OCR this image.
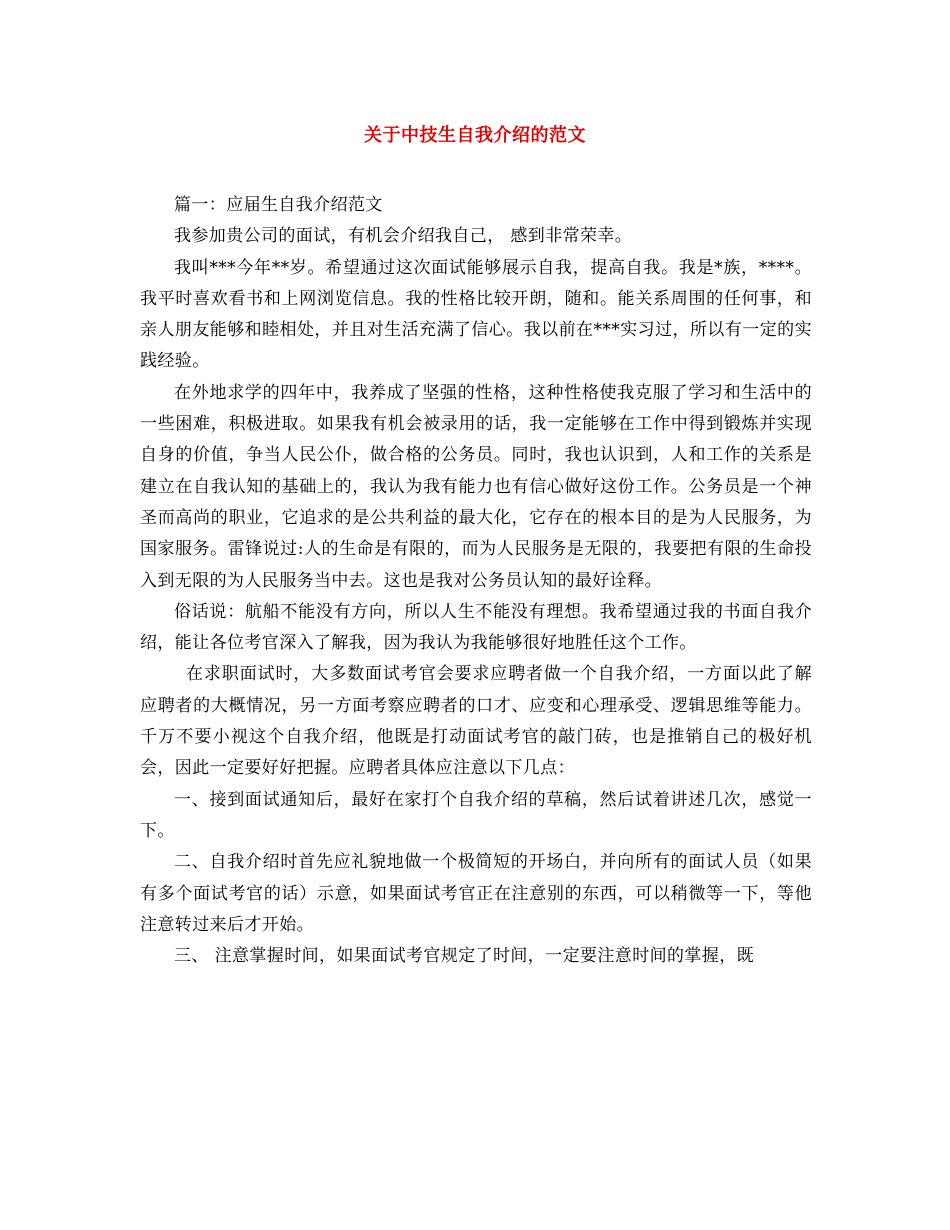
关于中技生自我介绍的范文

篇一：应届生自我介绍范文

我参加贵公司的面试，有机会介绍我自己， 感到非常荣幸。

我叫***今年**岁。希望通过这次面试能够展示自我，提高自我。我是*族，****。我平时喜欢看书和上网浏览信息。我的性格比较开朗，随和。能关系周围的任何事，和亲人朋友能够和睦相处，并且对生活充满了信心。我以前在***实习过，所以有一定的实践经验。

在外地求学的四年中，我养成了坚强的性格，这种性格使我克服了学习和生活中的一些困难，积极进取。如果我有机会被录用的话，我一定能够在工作中得到锻炼并实现自身的价值，争当人民公仆，做合格的公务员。同时，我也认识到，人和工作的关系是建立在自我认知的基础上的，我认为我有能力也有信心做好这份工作。公务员是一个神圣而高尚的职业，它追求的是公共利益的最大化，它存在的根本目的是为人民服务，为国家服务。雷锋说过:人的生命是有限的，而为人民服务是无限的，我要把有限的生命投入到无限的为人民服务当中去。这也是我对公务员认知的最好诠释。

俗话说：航船不能没有方向，所以人生不能没有理想。我希望通过我的书面自我介绍，能让各位考官深入了解我，因为我认为我能够很好地胜任这个工作。

在求职面试时，大多数面试考官会要求应聘者做一个自我介绍，一方面以此了解应聘者的大概情况，另一方面考察应聘者的口才、应变和心理承受、逻辑思维等能力。千万不要小视这个自我介绍，他既是打动面试考官的敲门砖，也是推销自己的极好机会，因此一定要好好把握。应聘者具体应注意以下几点：

一、接到面试通知后，最好在家打个自我介绍的草稿，然后试着讲述几次，感觉一下。

二、自我介绍时首先应礼貌地做一个极简短的开场白，并向所有的面试人员（如果有多个面试考官的话）示意，如果面试考官正在注意别的东西，可以稍微等一下，等他注意转过来后才开始。

三、 注意掌握时间，如果面试考官规定了时间，一定要注意时间的掌握，既
